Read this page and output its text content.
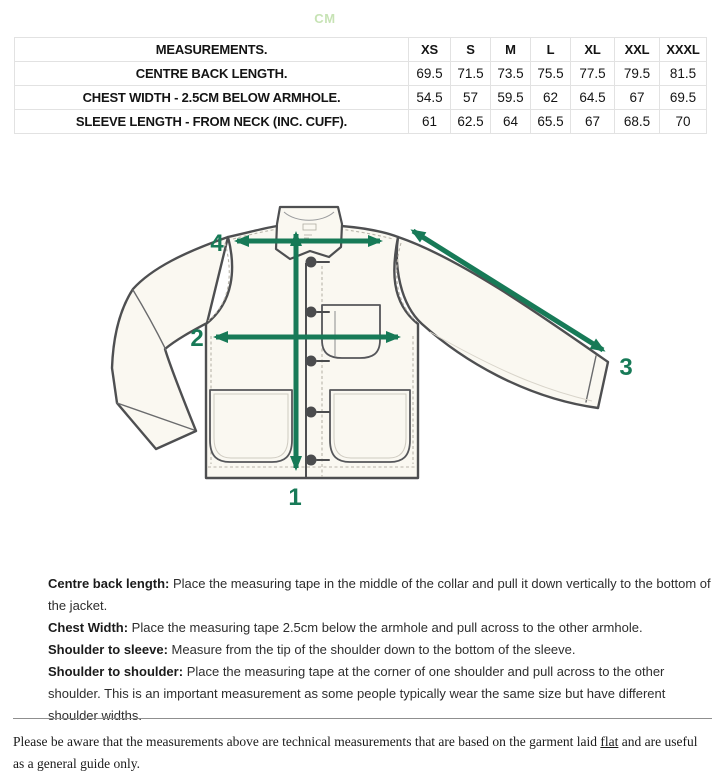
CM
MEASUREMENTS.	XS	S	M	L	XL	XXL	XXXL
CENTRE BACK LENGTH.	69.5	71.5	73.5	75.5	77.5	79.5	81.5
CHEST WIDTH - 2.5CM BELOW ARMHOLE.	54.5	57	59.5	62	64.5	67	69.5
SLEEVE LENGTH - FROM NECK (INC. CUFF).	61	62.5	64	65.5	67	68.5	70
1
2
3
4

Centre back length: Place the measuring tape in the middle of the collar and pull it down vertically to the bottom of the jacket.

Chest Width: Place the measuring tape 2.5cm below the armhole and pull across to the other armhole.

Shoulder to sleeve: Measure from the tip of the shoulder down to the bottom of the sleeve.

Shoulder to shoulder: Place the measuring tape at the corner of one shoulder and pull across to the other shoulder. This is an important measurement as some people typically wear the same size but have different shoulder widths.

Please be aware that the measurements above are technical measurements that are based on the garment laid flat and are useful as a general guide only.
